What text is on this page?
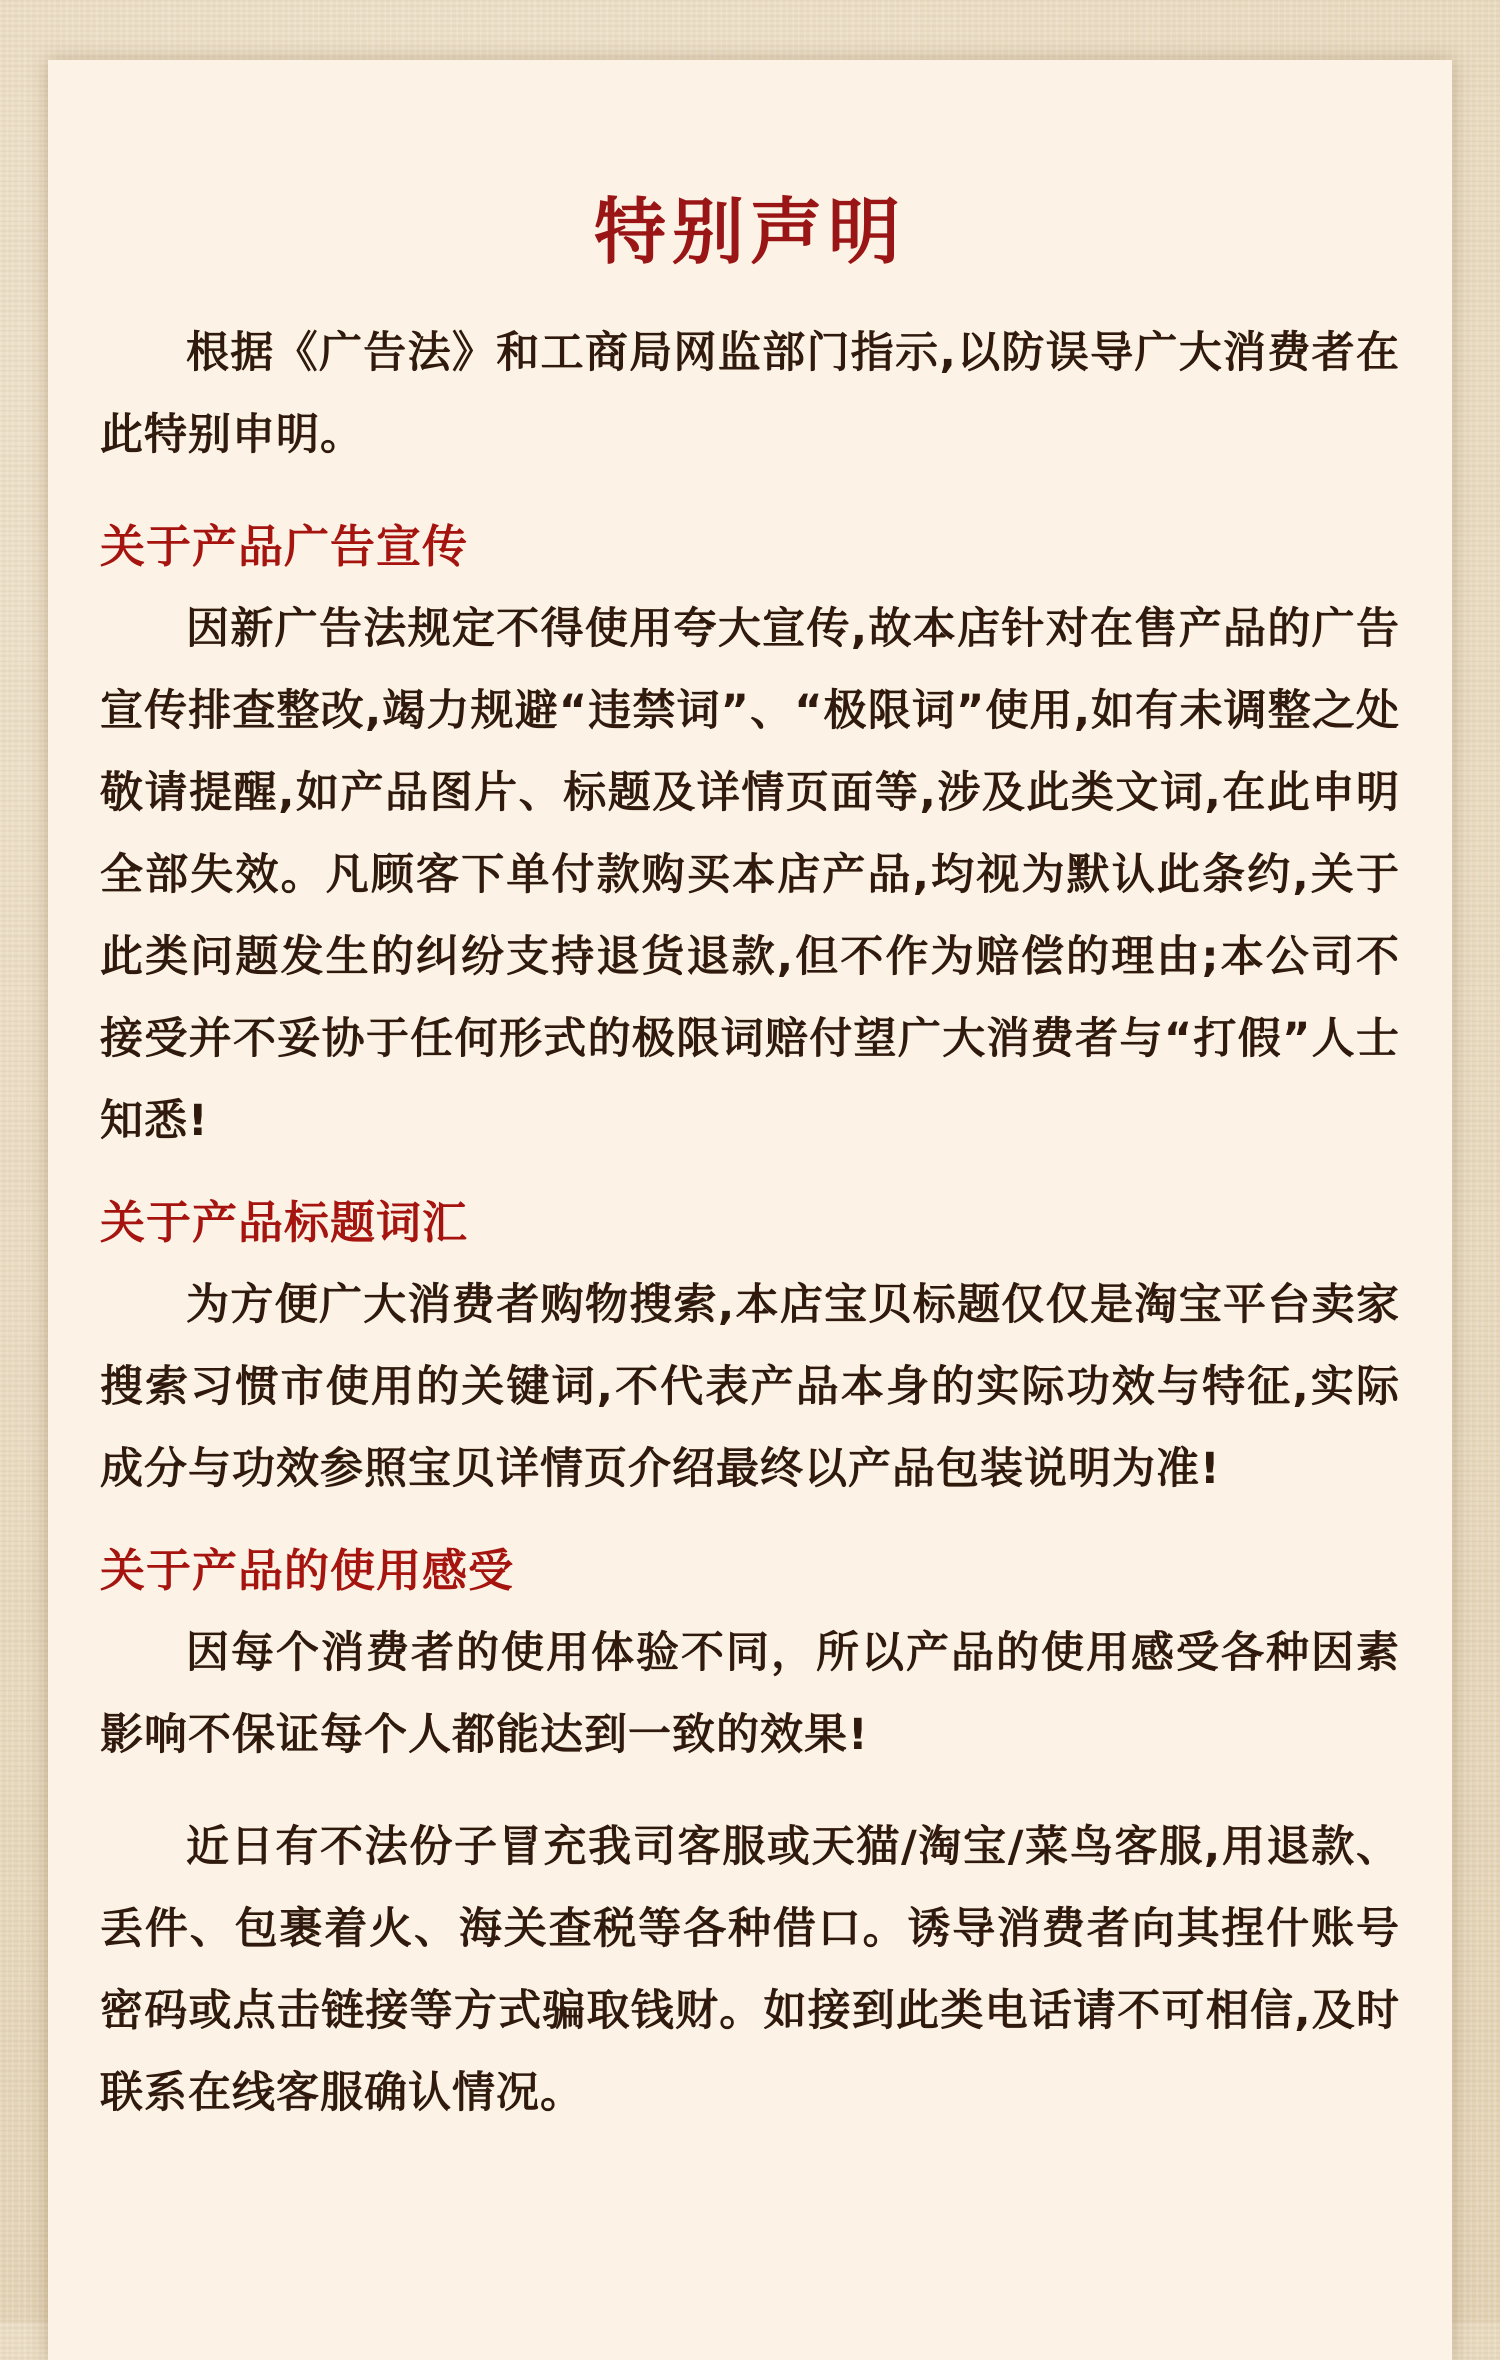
特别声明

根据《广告法》和工商局网监部门指示,以防误导广大消费者在此特别申明。

关于产品广告宣传

因新广告法规定不得使用夸大宣传,故本店针对在售产品的广告宣传排查整改,竭力规避“违禁词”、“极限词”使用,如有未调整之处敬请提醒,如产品图片、标题及详情页面等,涉及此类文词,在此申明全部失效。凡顾客下单付款购买本店产品,均视为默认此条约,关于此类问题发生的纠纷支持退货退款,但不作为赔偿的理由;本公司不接受并不妥协于任何形式的极限词赔付望广大消费者与“打假”人士知悉!

关于产品标题词汇

为方便广大消费者购物搜索,本店宝贝标题仅仅是淘宝平台卖家搜索习惯市使用的关键词,不代表产品本身的实际功效与特征,实际成分与功效参照宝贝详情页介绍最终以产品包装说明为准!

关于产品的使用感受

因每个消费者的使用体验不同，所以产品的使用感受各种因素影响不保证每个人都能达到一致的效果!

近日有不法份子冒充我司客服或天猫/淘宝/菜鸟客服,用退款、丢件、包裹着火、海关查税等各种借口。诱导消费者向其捏什账号密码或点击链接等方式骗取钱财。如接到此类电话请不可相信,及时联系在线客服确认情况。
